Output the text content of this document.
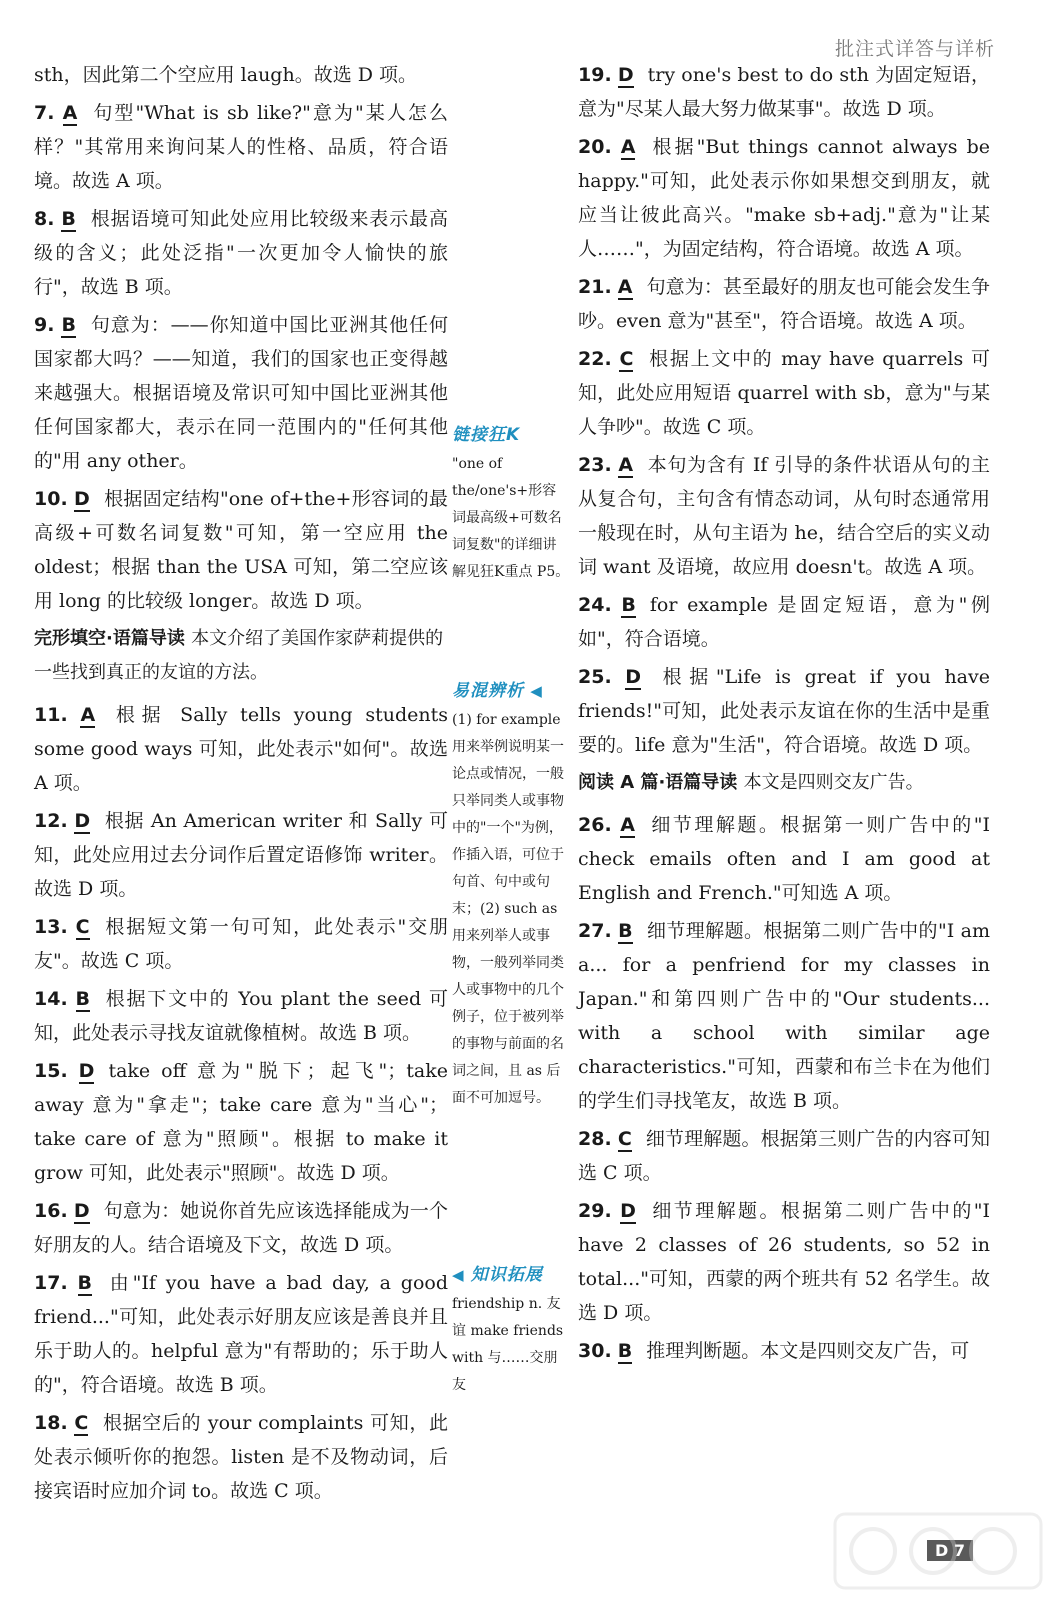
批注式详答与详析
sth，因此第二个空应用 laugh。故选 D 项。
7. A 句型"What is sb like?"意为"某人怎么样？"其常用来询问某人的性格、品质，符合语境。故选 A 项。
8. B 根据语境可知此处应用比较级来表示最高级的含义；此处泛指"一次更加令人愉快的旅行"，故选 B 项。
9. B 句意为：——你知道中国比亚洲其他任何国家都大吗？——知道，我们的国家也正变得越来越强大。根据语境及常识可知中国比亚洲其他任何国家都大，表示在同一范围内的"任何其他的"用 any other。
10. D 根据固定结构"one of+the+形容词的最高级+可数名词复数"可知，第一空应用 the oldest；根据 than the USA 可知，第二空应该用 long 的比较级 longer。故选 D 项。
完形填空·语篇导读 本文介绍了美国作家萨莉提供的一些找到真正的友谊的方法。
11. A 根据 Sally tells young students some good ways 可知，此处表示"如何"。故选 A 项。
12. D 根据 An American writer 和 Sally 可知，此处应用过去分词作后置定语修饰 writer。故选 D 项。
13. C 根据短文第一句可知，此处表示"交朋友"。故选 C 项。
14. B 根据下文中的 You plant the seed 可知，此处表示寻找友谊就像植树。故选 B 项。
15. D take off 意为"脱下；起飞"；take away 意为"拿走"；take care 意为"当心"；take care of 意为"照顾"。根据 to make it grow 可知，此处表示"照顾"。故选 D 项。
16. D 句意为：她说你首先应该选择能成为一个好朋友的人。结合语境及下文，故选 D 项。
17. B 由"If you have a bad day, a good friend..."可知，此处表示好朋友应该是善良并且乐于助人的。helpful 意为"有帮助的；乐于助人的"，符合语境。故选 B 项。
18. C 根据空后的 your complaints 可知，此处表示倾听你的抱怨。listen 是不及物动词，后接宾语时应加介词 to。故选 C 项。
链接狂K
"one of the/one's+形容词最高级+可数名词复数"的详细讲解见狂K重点 P5。
易混辨析 ◀
(1) for example 用来举例说明某一论点或情况，一般只举同类人或事物中的"一个"为例，作插入语，可位于句首、句中或句末；(2) such as 用来列举人或事物，一般列举同类人或事物中的几个例子，位于被列举的事物与前面的名词之间，且 as 后面不可加逗号。
◀ 知识拓展
friendship n. 友谊 make friends with 与……交朋友
19. D try one's best to do sth 为固定短语，意为"尽某人最大努力做某事"。故选 D 项。
20. A 根据"But things cannot always be happy."可知，此处表示你如果想交到朋友，就应当让彼此高兴。"make sb+adj."意为"让某人……"，为固定结构，符合语境。故选 A 项。
21. A 句意为：甚至最好的朋友也可能会发生争吵。even 意为"甚至"，符合语境。故选 A 项。
22. C 根据上文中的 may have quarrels 可知，此处应用短语 quarrel with sb，意为"与某人争吵"。故选 C 项。
23. A 本句为含有 If 引导的条件状语从句的主从复合句，主句含有情态动词，从句时态通常用一般现在时，从句主语为 he，结合空后的实义动词 want 及语境，故应用 doesn't。故选 A 项。
24. B for example 是固定短语，意为"例如"，符合语境。
25. D 根据"Life is great if you have friends!"可知，此处表示友谊在你的生活中是重要的。life 意为"生活"，符合语境。故选 D 项。
阅读 A 篇·语篇导读 本文是四则交友广告。
26. A 细节理解题。根据第一则广告中的"I check emails often and I am good at English and French."可知选 A 项。
27. B 细节理解题。根据第二则广告中的"I am a... for a penfriend for my classes in Japan."和第四则广告中的"Our students... with a school with similar age characteristics."可知，西蒙和布兰卡在为他们的学生们寻找笔友，故选 B 项。
28. C 细节理解题。根据第三则广告的内容可知选 C 项。
29. D 细节理解题。根据第二则广告中的"I have 2 classes of 26 students, so 52 in total..."可知，西蒙的两个班共有 52 名学生。故选 D 项。
30. B 推理判断题。本文是四则交友广告，可
D 7
